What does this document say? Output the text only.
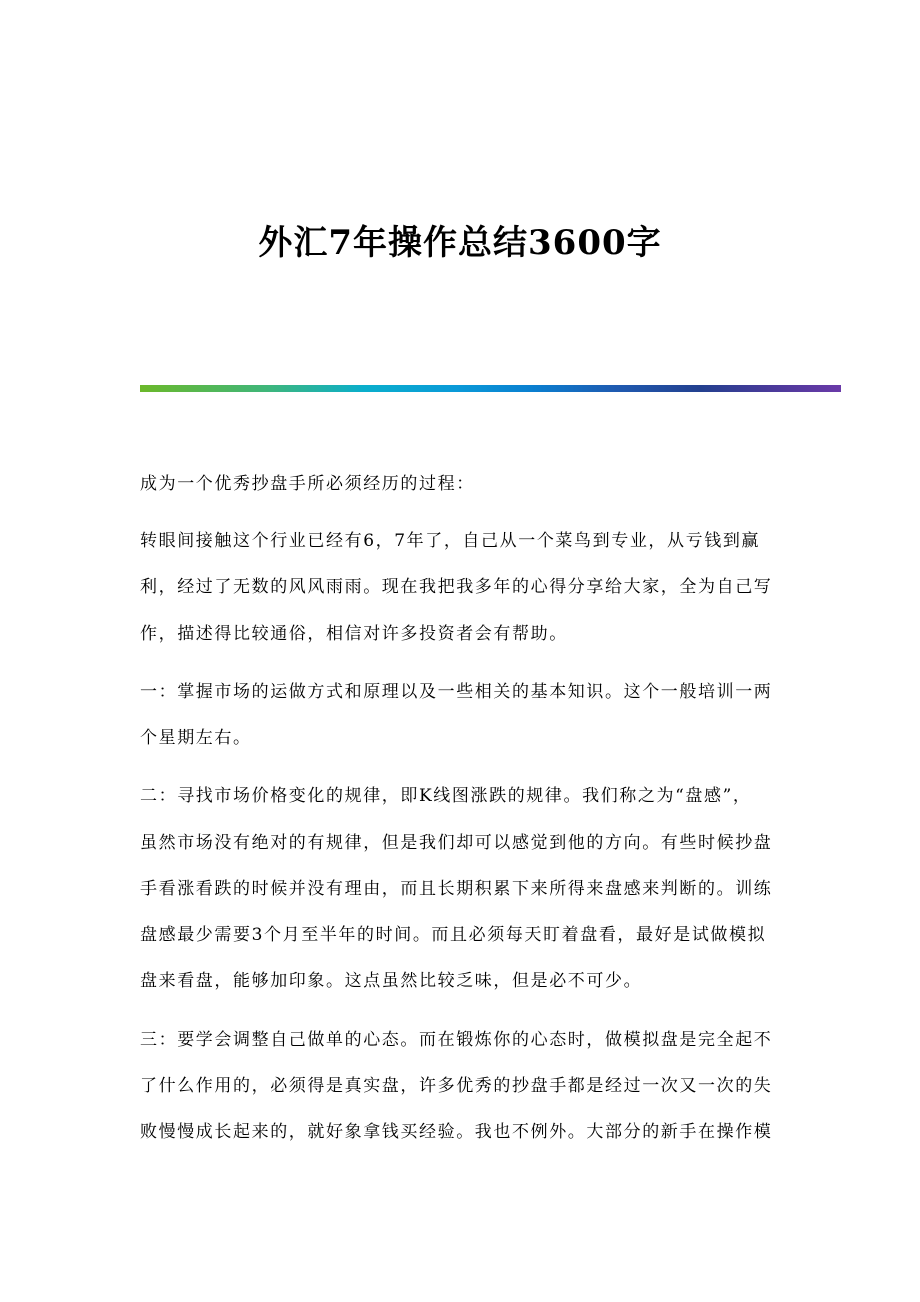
外汇7年操作总结3600字
成为一个优秀抄盘手所必须经历的过程：
转眼间接触这个行业已经有6，7年了，自己从一个菜鸟到专业，从亏钱到赢
利，经过了无数的风风雨雨。现在我把我多年的心得分享给大家，全为自己写
作，描述得比较通俗，相信对许多投资者会有帮助。
一：掌握市场的运做方式和原理以及一些相关的基本知识。这个一般培训一两
个星期左右。
二：寻找市场价格变化的规律，即K线图涨跌的规律。我们称之为“盘感”，
虽然市场没有绝对的有规律，但是我们却可以感觉到他的方向。有些时候抄盘
手看涨看跌的时候并没有理由，而且长期积累下来所得来盘感来判断的。训练
盘感最少需要3个月至半年的时间。而且必须每天盯着盘看，最好是试做模拟
盘来看盘，能够加印象。这点虽然比较乏味，但是必不可少。
三：要学会调整自己做单的心态。而在锻炼你的心态时，做模拟盘是完全起不
了什么作用的，必须得是真实盘，许多优秀的抄盘手都是经过一次又一次的失
败慢慢成长起来的，就好象拿钱买经验。我也不例外。大部分的新手在操作模
